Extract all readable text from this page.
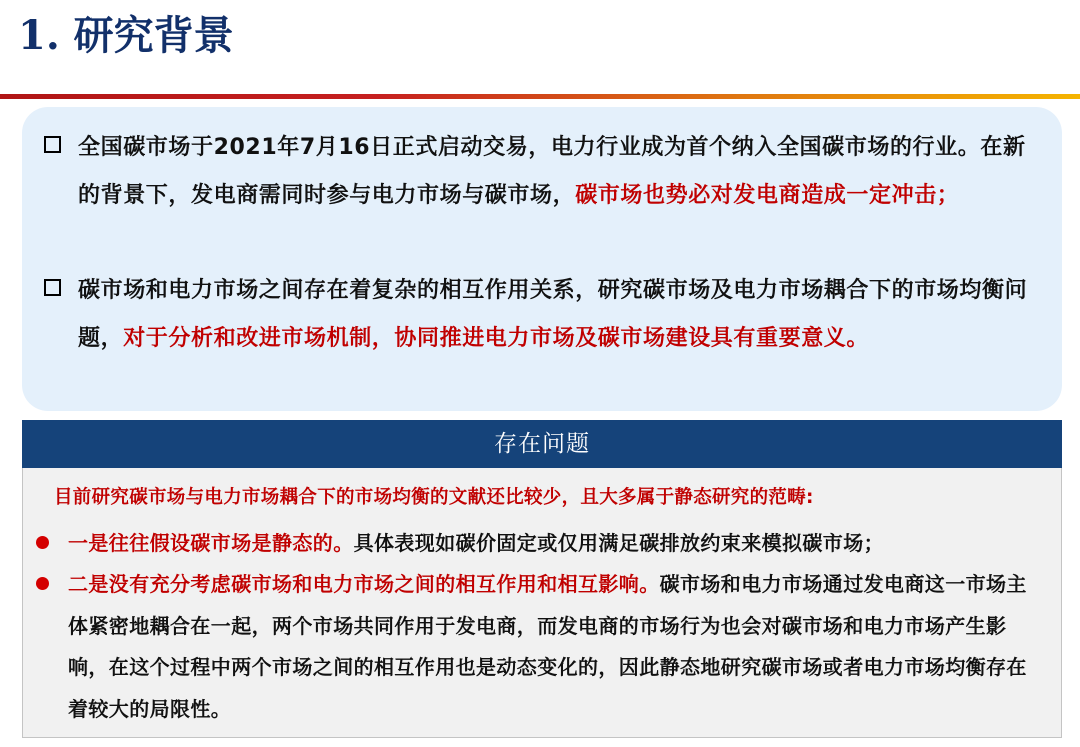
1. 研究背景
全国碳市场于2021年7月16日正式启动交易，电力行业成为首个纳入全国碳市场的行业。在新的背景下，发电商需同时参与电力市场与碳市场，碳市场也势必对发电商造成一定冲击；
碳市场和电力市场之间存在着复杂的相互作用关系，研究碳市场及电力市场耦合下的市场均衡问题，对于分析和改进市场机制，协同推进电力市场及碳市场建设具有重要意义。
存在问题
目前研究碳市场与电力市场耦合下的市场均衡的文献还比较少，且大多属于静态研究的范畴:
一是往往假设碳市场是静态的。具体表现如碳价固定或仅用满足碳排放约束来模拟碳市场；
二是没有充分考虑碳市场和电力市场之间的相互作用和相互影响。碳市场和电力市场通过发电商这一市场主体紧密地耦合在一起，两个市场共同作用于发电商，而发电商的市场行为也会对碳市场和电力市场产生影响，在这个过程中两个市场之间的相互作用也是动态变化的，因此静态地研究碳市场或者电力市场均衡存在着较大的局限性。
